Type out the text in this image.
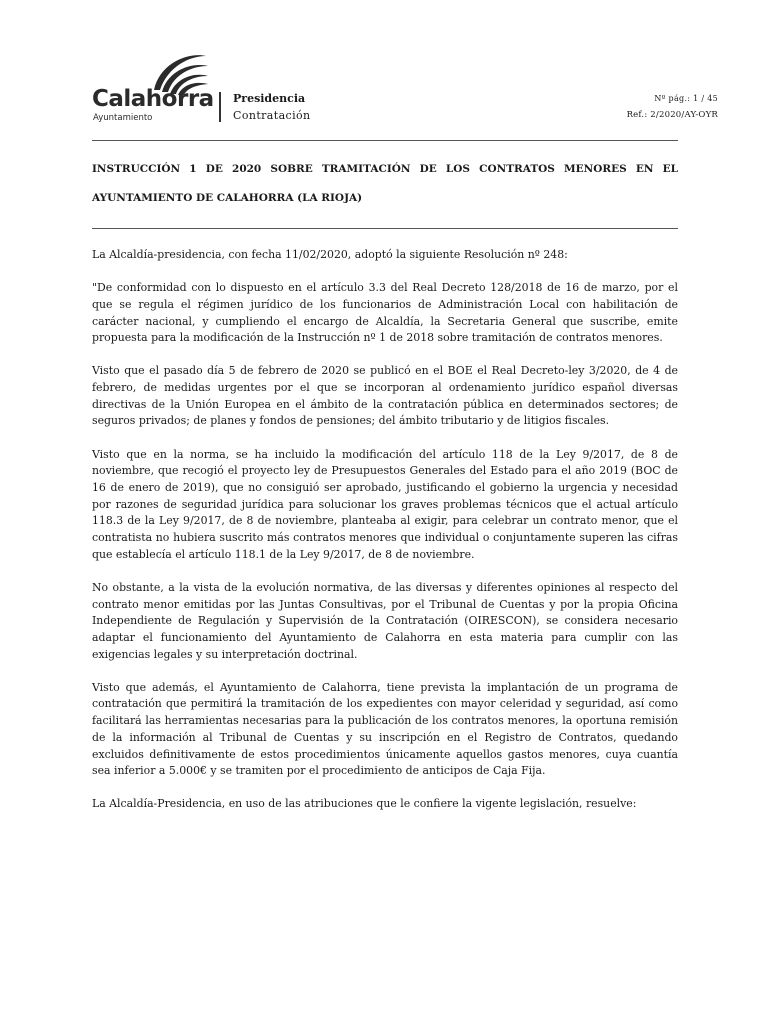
Calahorra
Ayuntamiento
Presidencia
Contratación
Nº pág.: 1 / 45
Ref.: 2/2020/AY-OYR
INSTRUCCIÓN 1 DE 2020 SOBRE TRAMITACIÓN DE LOS CONTRATOS MENORES EN EL
AYUNTAMIENTO DE CALAHORRA (LA RIOJA)

La Alcaldía-presidencia, con fecha 11/02/2020, adoptó la siguiente Resolución nº 248:

"De conformidad con lo dispuesto en el artículo 3.3 del Real Decreto 128/2018 de 16 de marzo, por el que se regula el régimen jurídico de los funcionarios de Administración Local con habilitación de carácter nacional, y cumpliendo el encargo de Alcaldía, la Secretaria General que suscribe, emite propuesta para la modificación de la Instrucción nº 1 de 2018 sobre tramitación de contratos menores.

Visto que el pasado día 5 de febrero de 2020 se publicó en el BOE el Real Decreto-ley 3/2020, de 4 de febrero, de medidas urgentes por el que se incorporan al ordenamiento jurídico español diversas directivas de la Unión Europea en el ámbito de la contratación pública en determinados sectores; de seguros privados; de planes y fondos de pensiones; del ámbito tributario y de litigios fiscales.

Visto que en la norma, se ha incluido la modificación del artículo 118 de la Ley 9/2017, de 8 de noviembre, que recogió el proyecto ley de Presupuestos Generales del Estado para el año 2019 (BOC de 16 de enero de 2019), que no consiguió ser aprobado, justificando el gobierno la urgencia y necesidad por razones de seguridad jurídica para solucionar los graves problemas técnicos que el actual artículo 118.3 de la Ley 9/2017, de 8 de noviembre, planteaba al exigir, para celebrar un contrato menor, que el contratista no hubiera suscrito más contratos menores que individual o conjuntamente superen las cifras que establecía el artículo 118.1 de la Ley 9/2017, de 8 de noviembre.

No obstante, a la vista de la evolución normativa, de las diversas y diferentes opiniones al respecto del contrato menor emitidas por las Juntas Consultivas, por el Tribunal de Cuentas y por la propia Oficina Independiente de Regulación y Supervisión de la Contratación (OIRESCON), se considera necesario adaptar el funcionamiento del Ayuntamiento de Calahorra en esta materia para cumplir con las exigencias legales y su interpretación doctrinal.

Visto que además, el Ayuntamiento de Calahorra, tiene prevista la implantación de un programa de contratación que permitirá la tramitación de los expedientes con mayor celeridad y seguridad, así como facilitará las herramientas necesarias para la publicación de los contratos menores, la oportuna remisión de la información al Tribunal de Cuentas y su inscripción en el Registro de Contratos, quedando excluidos definitivamente de estos procedimientos únicamente aquellos gastos menores, cuya cuantía sea inferior a 5.000€ y se tramiten por el procedimiento de anticipos de Caja Fija.

La Alcaldía-Presidencia, en uso de las atribuciones que le confiere la vigente legislación, resuelve:
